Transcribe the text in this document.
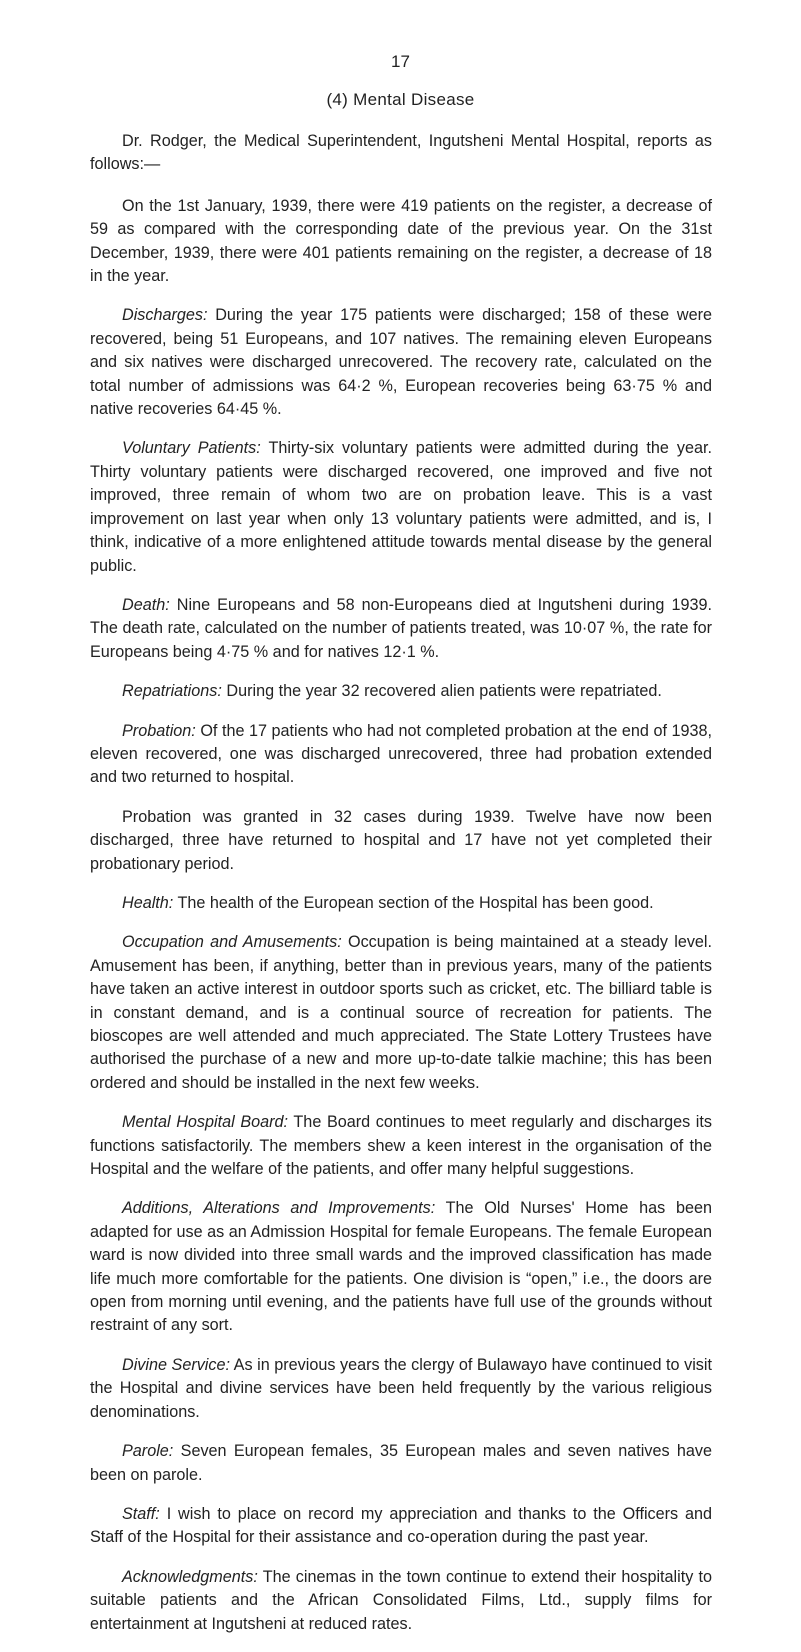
17
(4) Mental Disease

Dr. Rodger, the Medical Superintendent, Ingutsheni Mental Hospital, reports as follows:—

On the 1st January, 1939, there were 419 patients on the register, a decrease of 59 as compared with the corresponding date of the previous year. On the 31st December, 1939, there were 401 patients remaining on the register, a decrease of 18 in the year.

Discharges: During the year 175 patients were discharged; 158 of these were recovered, being 51 Europeans, and 107 natives. The remaining eleven Europeans and six natives were discharged unrecovered. The recovery rate, calculated on the total number of admissions was 64·2 %, European recoveries being 63·75 % and native recoveries 64·45 %.

Voluntary Patients: Thirty-six voluntary patients were admitted during the year. Thirty voluntary patients were discharged recovered, one improved and five not improved, three remain of whom two are on probation leave. This is a vast improvement on last year when only 13 voluntary patients were admitted, and is, I think, indicative of a more enlightened attitude towards mental disease by the general public.

Death: Nine Europeans and 58 non-Europeans died at Ingutsheni during 1939. The death rate, calculated on the number of patients treated, was 10·07 %, the rate for Europeans being 4·75 % and for natives 12·1 %.

Repatriations: During the year 32 recovered alien patients were repatriated.

Probation: Of the 17 patients who had not completed probation at the end of 1938, eleven recovered, one was discharged unrecovered, three had probation extended and two returned to hospital.

Probation was granted in 32 cases during 1939. Twelve have now been discharged, three have returned to hospital and 17 have not yet completed their probationary period.

Health: The health of the European section of the Hospital has been good.

Occupation and Amusements: Occupation is being maintained at a steady level. Amusement has been, if anything, better than in previous years, many of the patients have taken an active interest in outdoor sports such as cricket, etc. The billiard table is in constant demand, and is a continual source of recreation for patients. The bioscopes are well attended and much appreciated. The State Lottery Trustees have authorised the purchase of a new and more up-to-date talkie machine; this has been ordered and should be installed in the next few weeks.

Mental Hospital Board: The Board continues to meet regularly and discharges its functions satisfactorily. The members shew a keen interest in the organisation of the Hospital and the welfare of the patients, and offer many helpful suggestions.

Additions, Alterations and Improvements: The Old Nurses' Home has been adapted for use as an Admission Hospital for female Europeans. The female European ward is now divided into three small wards and the improved classification has made life much more comfortable for the patients. One division is “open,” i.e., the doors are open from morning until evening, and the patients have full use of the grounds without restraint of any sort.

Divine Service: As in previous years the clergy of Bulawayo have continued to visit the Hospital and divine services have been held frequently by the various religious denominations.

Parole: Seven European females, 35 European males and seven natives have been on parole.

Staff: I wish to place on record my appreciation and thanks to the Officers and Staff of the Hospital for their assistance and co-operation during the past year.

Acknowledgments: The cinemas in the town continue to extend their hospitality to suitable patients and the African Consolidated Films, Ltd., supply films for entertainment at Ingutsheni at reduced rates.
